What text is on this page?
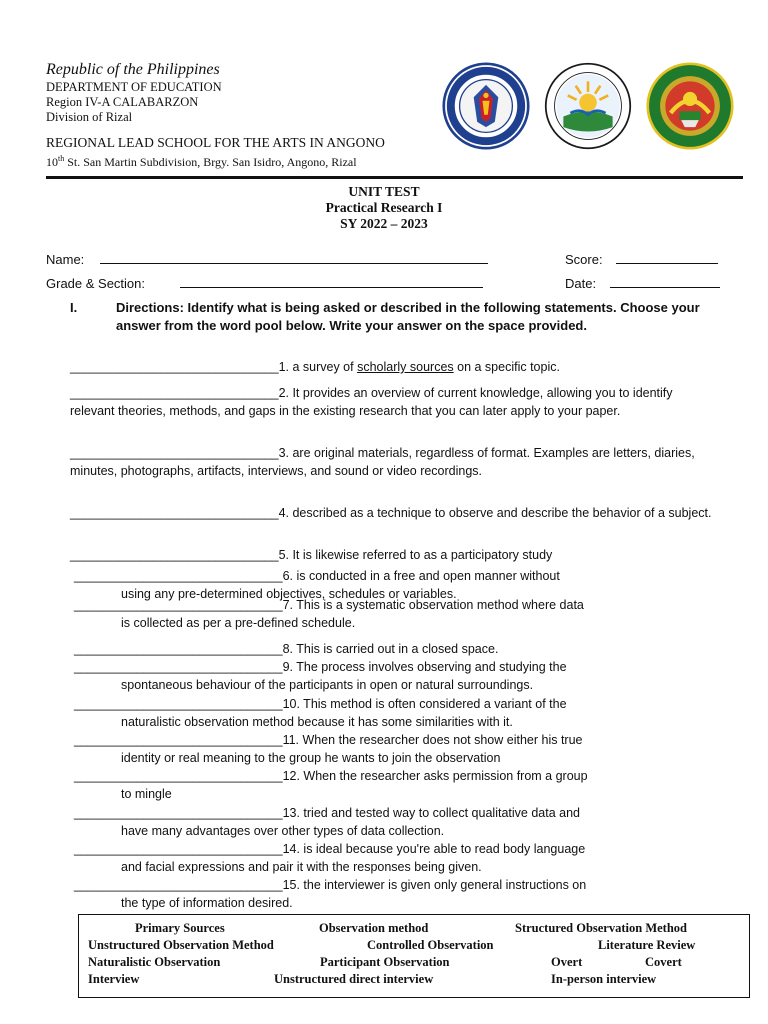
Republic of the Philippines
DEPARTMENT OF EDUCATION
Region IV-A CALABARZON
Division of Rizal
REGIONAL LEAD SCHOOL FOR THE ARTS IN ANGONO
10th St. San Martin Subdivision, Brgy. San Isidro, Angono, Rizal
UNIT TEST
Practical Research I
SY 2022 – 2023
Name:	Score:
Grade & Section:	Date:
I.	Directions: Identify what is being asked or described in the following statements. Choose your answer from the word pool below. Write your answer on the space provided.
______________________________1. a survey of scholarly sources on a specific topic.
______________________________2. It provides an overview of current knowledge, allowing you to identify relevant theories, methods, and gaps in the existing research that you can later apply to your paper.
______________________________3. are original materials, regardless of format. Examples are letters, diaries, minutes, photographs, artifacts, interviews, and sound or video recordings.
______________________________4. described as a technique to observe and describe the behavior of a subject.
______________________________5. It is likewise referred to as a participatory study
______________________________6. is conducted in a free and open manner without
using any pre-determined objectives, schedules or variables.
______________________________7. This is a systematic observation method where data
is collected as per a pre-defined schedule.
______________________________8. This is carried out in a closed space.
______________________________9. The process involves observing and studying the
spontaneous behaviour of the participants in open or natural surroundings.
______________________________10. This method is often considered a variant of the
naturalistic observation method because it has some similarities with it.
______________________________11. When the researcher does not show either his true
identity or real meaning to the group he wants to join the observation
______________________________12. When the researcher asks permission from a group
to mingle
______________________________13. tried and tested way to collect qualitative data and
have many advantages over other types of data collection.
______________________________14. is ideal because you're able to read body language
and facial expressions and pair it with the responses being given.
______________________________15. the interviewer is given only general instructions on
the type of information desired.
Primary Sources	Observation method	Structured Observation Method
Unstructured Observation Method	Controlled Observation	Literature Review
Naturalistic Observation	Participant Observation	Overt	Covert
Interview	Unstructured direct interview	In-person interview
